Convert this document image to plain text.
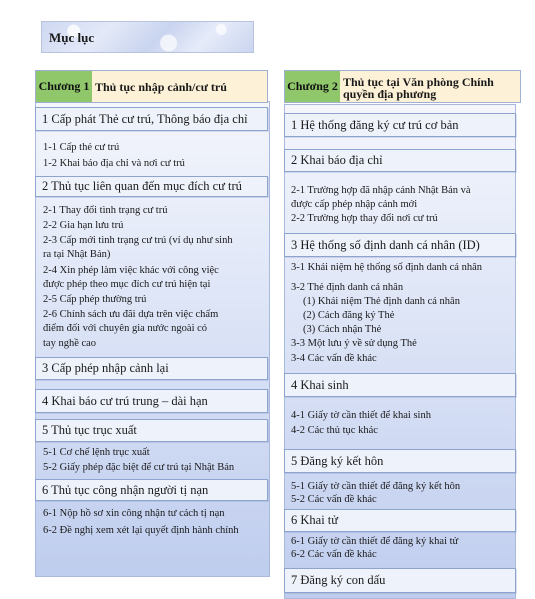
Mục lục
Chương 1 Thủ tục nhập cảnh/cư trú	Chương 2 Thủ tục tại Văn phòng Chính
quyền địa phương
1 Cấp phát Thẻ cư trú, Thông báo địa chỉ
1-1 Cấp thẻ cư trú
1-2 Khai báo địa chỉ và nơi cư trú
2 Thủ tục liên quan đến mục đích cư trú
2-1 Thay đổi tình trạng cư trú
2-2 Gia hạn lưu trú
2-3 Cấp mới tình trạng cư trú (ví dụ như sinh
ra tại Nhật Bản)
2-4 Xin phép làm việc khác với công việc
được phép theo mục đích cư trú hiện tại
2-5 Cấp phép thường trú
2-6 Chính sách ưu đãi dựa trên việc chấm
điểm đối với chuyên gia nước ngoài có
tay nghề cao
3 Cấp phép nhập cảnh lại
4 Khai báo cư trú trung – dài hạn
5 Thủ tục trục xuất
5-1 Cơ chế lệnh trục xuất
5-2 Giấy phép đặc biệt để cư trú tại Nhật Bản
6 Thủ tục công nhận người tị nạn
6-1 Nộp hồ sơ xin công nhận tư cách tị nạn
6-2 Đề nghị xem xét lại quyết định hành chính
1 Hệ thống đăng ký cư trú cơ bản
2 Khai báo địa chỉ
2-1 Trường hợp đã nhập cảnh Nhật Bản và
được cấp phép nhập cảnh mới
2-2 Trường hợp thay đổi nơi cư trú
3 Hệ thống số định danh cá nhân (ID)
3-1 Khái niệm hệ thống số định danh cá nhân
3-2 Thẻ định danh cá nhân
(1) Khái niệm Thẻ định danh cá nhân
(2) Cách đăng ký Thẻ
(3) Cách nhận Thẻ
3-3 Một lưu ý về sử dụng Thẻ
3-4 Các vấn đề khác
4 Khai sinh
4-1 Giấy tờ cần thiết để khai sinh
4-2 Các thủ tục khác
5 Đăng ký kết hôn
5-1 Giấy tờ cần thiết để đăng ký kết hôn
5-2 Các vấn đề khác
6 Khai tử
6-1 Giấy tờ cần thiết để đăng ký khai tử
6-2 Các vấn đề khác
7 Đăng ký con dấu
